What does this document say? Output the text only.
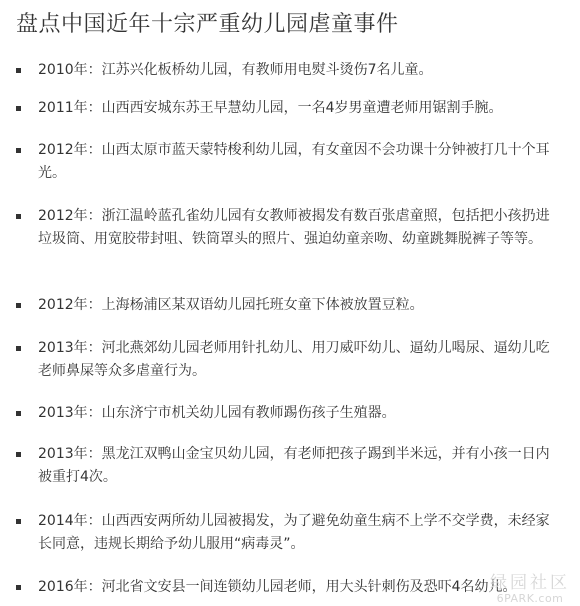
盘点中国近年十宗严重幼儿园虐童事件
2010年：江苏兴化板桥幼儿园，有教师用电熨斗烫伤7名儿童。
2011年：山西西安城东苏王早慧幼儿园，一名4岁男童遭老师用锯割手腕。
2012年：山西太原市蓝天蒙特梭利幼儿园，有女童因不会功课十分钟被打几十个耳光。
2012年：浙江温岭蓝孔雀幼儿园有女教师被揭发有数百张虐童照，包括把小孩扔进垃圾筒、用宽胶带封咀、铁筒罩头的照片、强迫幼童亲吻、幼童跳舞脱裤子等等。
2012年：上海杨浦区某双语幼儿园托班女童下体被放置豆粒。
2013年：河北燕郊幼儿园老师用针扎幼儿、用刀威吓幼儿、逼幼儿喝尿、逼幼儿吃老师鼻屎等众多虐童行为。
2013年：山东济宁市机关幼儿园有教师踢伤孩子生殖器。
2013年：黑龙江双鸭山金宝贝幼儿园，有老师把孩子踢到半米远，并有小孩一日内被重打4次。
2014年：山西西安两所幼儿园被揭发，为了避免幼童生病不上学不交学费，未经家长同意，违规长期给予幼儿服用“病毒灵”。
2016年：河北省文安县一间连锁幼儿园老师，用大头针刺伤及恐吓4名幼儿。
绿园社区
6PARK.com
